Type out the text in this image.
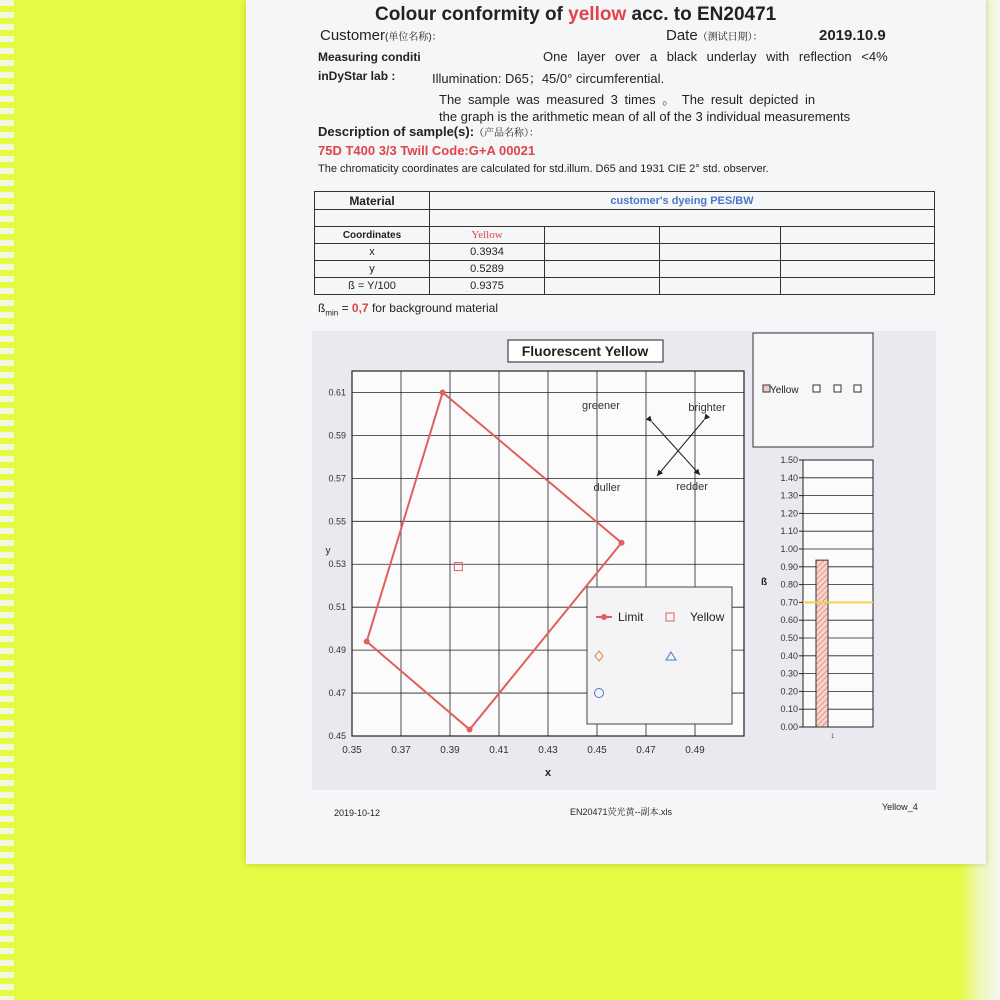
Colour conformity of yellow acc. to EN20471
Customer(单位名称)：	Date（测试日期）：	2019.10.9
Measuring conditi	One layer over a black underlay with reflection <4%
inDyStar lab :	Illumination: D65；45/0° circumferential.
The sample was measured 3 times 。 The result depicted in
the graph is the arithmetic mean of all of the 3 individual measurements
Description of sample(s):（产品名称）：
75D T400 3/3 Twill Code:G+A 00021
The chromaticity coordinates are calculated for std.illum. D65 and 1931 CIE 2° std. observer.
Material	customer's dyeing PES/BW			

Coordinates	Yellow			
x	0.3934			
y	0.5289			
ß = Y/100	0.9375			
$ß_{min} = 0,7$ for background material
0.35	0.37	0.39	0.41	0.43	0.45	0.47	0.49
0.45
0.47
0.49
0.51
0.53
0.55
0.57
0.59
0.61
x
y
Fluorescent Yellow
greener	brighter
duller	redder
Limit	Yellow
Yellow
0.00
0.10
0.20
0.30
0.40
0.50
0.60
0.70
0.80
0.90
1.00
1.10
1.20
1.30
1.40
1.50
ß
1
2019-10-12	EN20471荧光黄--副本.xls	Yellow_4
